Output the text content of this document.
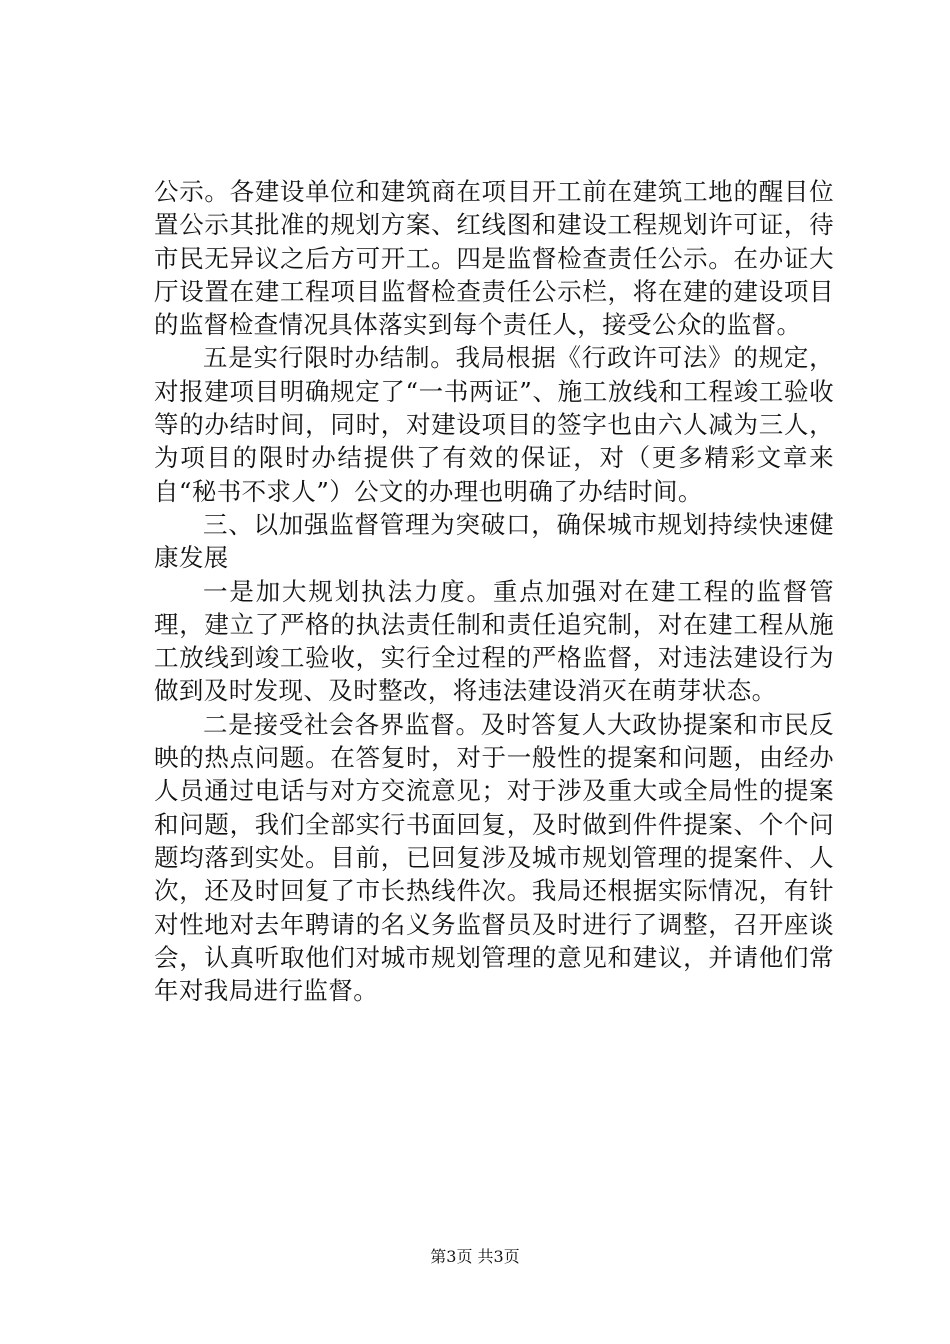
公示。各建设单位和建筑商在项目开工前在建筑工地的醒目位置公示其批准的规划方案、红线图和建设工程规划许可证，待市民无异议之后方可开工。四是监督检查责任公示。在办证大厅设置在建工程项目监督检查责任公示栏，将在建的建设项目的监督检查情况具体落实到每个责任人，接受公众的监督。

五是实行限时办结制。我局根据《行政许可法》的规定，对报建项目明确规定了“一书两证”、施工放线和工程竣工验收等的办结时间，同时，对建设项目的签字也由六人减为三人，为项目的限时办结提供了有效的保证，对（更多精彩文章来自“秘书不求人”）公文的办理也明确了办结时间。

三、以加强监督管理为突破口，确保城市规划持续快速健康发展

一是加大规划执法力度。重点加强对在建工程的监督管理，建立了严格的执法责任制和责任追究制，对在建工程从施工放线到竣工验收，实行全过程的严格监督，对违法建设行为做到及时发现、及时整改，将违法建设消灭在萌芽状态。

二是接受社会各界监督。及时答复人大政协提案和市民反映的热点问题。在答复时，对于一般性的提案和问题，由经办人员通过电话与对方交流意见；对于涉及重大或全局性的提案和问题，我们全部实行书面回复，及时做到件件提案、个个问题均落到实处。目前，已回复涉及城市规划管理的提案件、人次，还及时回复了市长热线件次。我局还根据实际情况，有针对性地对去年聘请的名义务监督员及时进行了调整，召开座谈会，认真听取他们对城市规划管理的意见和建议，并请他们常年对我局进行监督。

第3页 共3页
